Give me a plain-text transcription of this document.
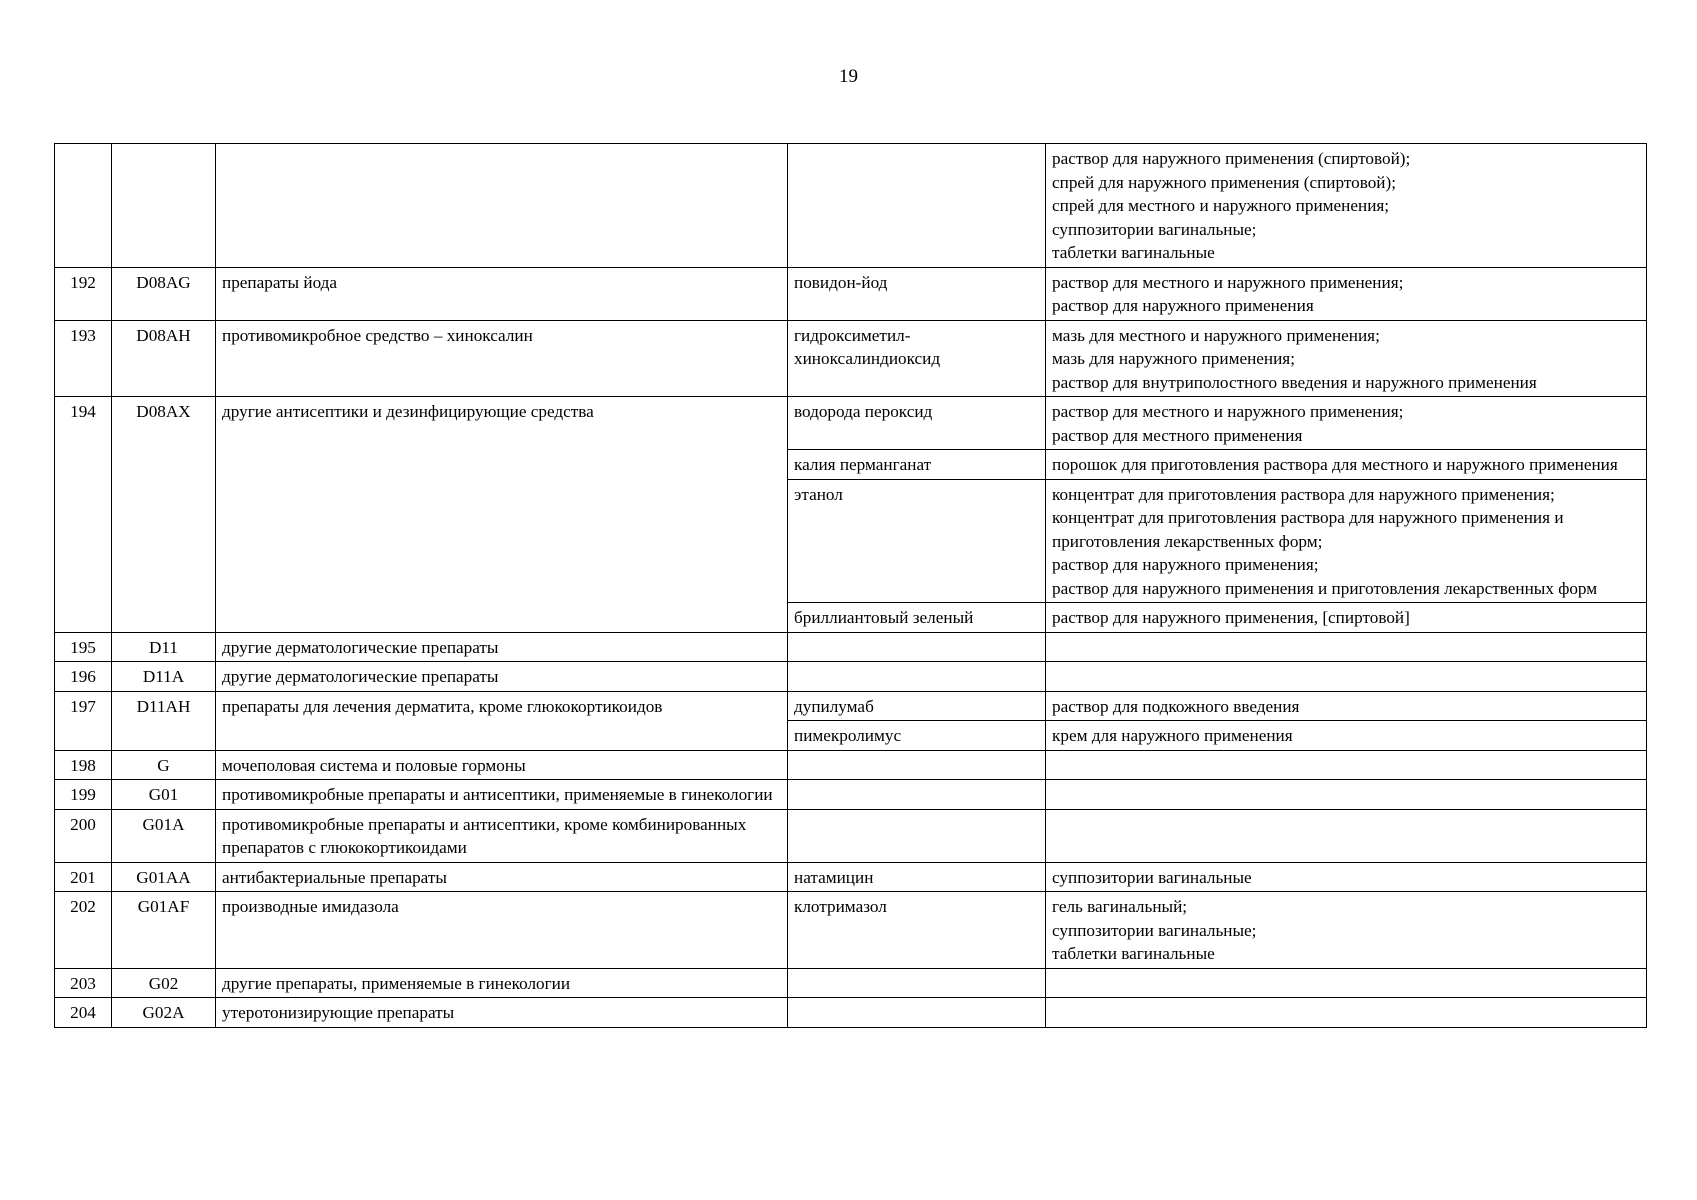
19
				раствор для наружного применения (спиртовой);
спрей для наружного применения (спиртовой);
спрей для местного и наружного применения;
суппозитории вагинальные;
таблетки вагинальные
192	D08AG	препараты йода	повидон-йод	раствор для местного и наружного применения;
раствор для наружного применения
193	D08AH	противомикробное средство – хиноксалин	гидроксиметил-
хиноксалиндиоксид	мазь для местного и наружного применения;
мазь для наружного применения;
раствор для внутриполостного введения и наружного применения
194	D08AX	другие антисептики и дезинфицирующие средства	водорода пероксид	раствор для местного и наружного применения;
раствор для местного применения
			калия перманганат	порошок для приготовления раствора для местного и наружного применения
			этанол	концентрат для приготовления раствора для наружного применения;
концентрат для приготовления раствора для наружного применения и приготовления лекарственных форм;
раствор для наружного применения;
раствор для наружного применения и приготовления лекарственных форм
			бриллиантовый зеленый	раствор для наружного применения, [спиртовой]
195	D11	другие дерматологические препараты		
196	D11A	другие дерматологические препараты		
197	D11AH	препараты для лечения дерматита, кроме глюкокортикоидов	дупилумаб	раствор для подкожного введения
			пимекролимус	крем для наружного применения
198	G	мочеполовая система и половые гормоны		
199	G01	противомикробные препараты и антисептики, применяемые в гинекологии		
200	G01A	противомикробные препараты и антисептики, кроме комбинированных препаратов с глюкокортикоидами		
201	G01AA	антибактериальные препараты	натамицин	суппозитории вагинальные
202	G01AF	производные имидазола	клотримазол	гель вагинальный;
суппозитории вагинальные;
таблетки вагинальные
203	G02	другие препараты, применяемые в гинекологии		
204	G02A	утеротонизирующие препараты		
